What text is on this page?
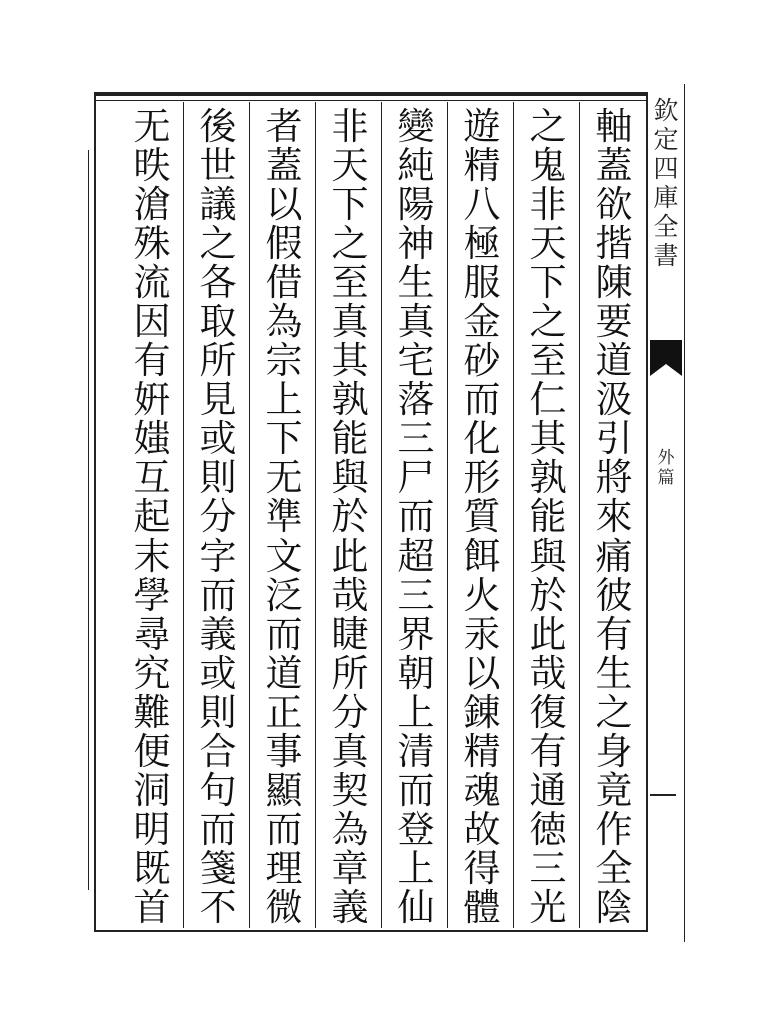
欽
定
四
庫
全
書
外
篇
軸
蓋
欲
揩
陳
要
道
汲
引
將
來
痛
彼
有
生
之
身
竟
作
全
陰
之
鬼
非
天
下
之
至
仁
其
孰
能
與
於
此
哉
復
有
通
徳
三
光
遊
精
八
極
服
金
砂
而
化
形
質
餌
火
汞
以
錬
精
魂
故
得
體
變
純
陽
神
生
真
宅
落
三
尸
而
超
三
界
朝
上
清
而
登
上
仙
非
天
下
之
至
真
其
孰
能
與
於
此
哉
睫
所
分
真
契
為
章
義
者
蓋
以
假
借
為
宗
上
下
无
準
文
泛
而
道
正
事
顯
而
理
微
後
世
議
之
各
取
所
見
或
則
分
字
而
義
或
則
合
句
而
箋
不
无
昳
滄
殊
流
因
有
姸
媸
互
起
末
學
尋
究
難
便
洞
明
既
首
